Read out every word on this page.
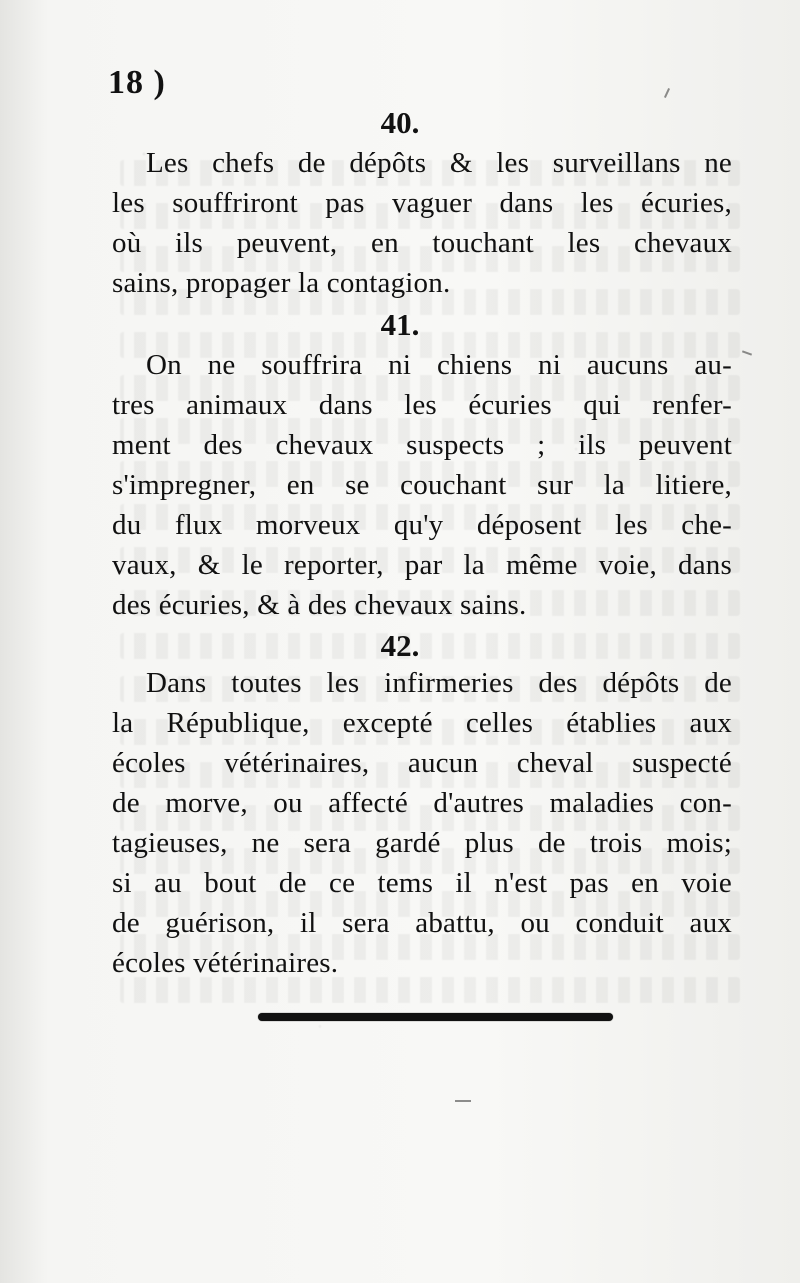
18 )
40.
Les chefs de dépôts & les surveillans ne
les souffriront pas vaguer dans les écuries,
où ils peuvent, en touchant les chevaux
sains, propager la contagion.
41.
On ne souffrira ni chiens ni aucuns au-
tres animaux dans les écuries qui renfer-
ment des chevaux suspects ; ils peuvent
s'impregner, en se couchant sur la litiere,
du flux morveux qu'y déposent les che-
vaux, & le reporter, par la même voie, dans
des écuries, & à des chevaux sains.
42.
Dans toutes les infirmeries des dépôts de
la République, excepté celles établies aux
écoles vétérinaires, aucun cheval suspecté
de morve, ou affecté d'autres maladies con-
tagieuses, ne sera gardé plus de trois mois;
si au bout de ce tems il n'est pas en voie
de guérison, il sera abattu, ou conduit aux
écoles vétérinaires.
